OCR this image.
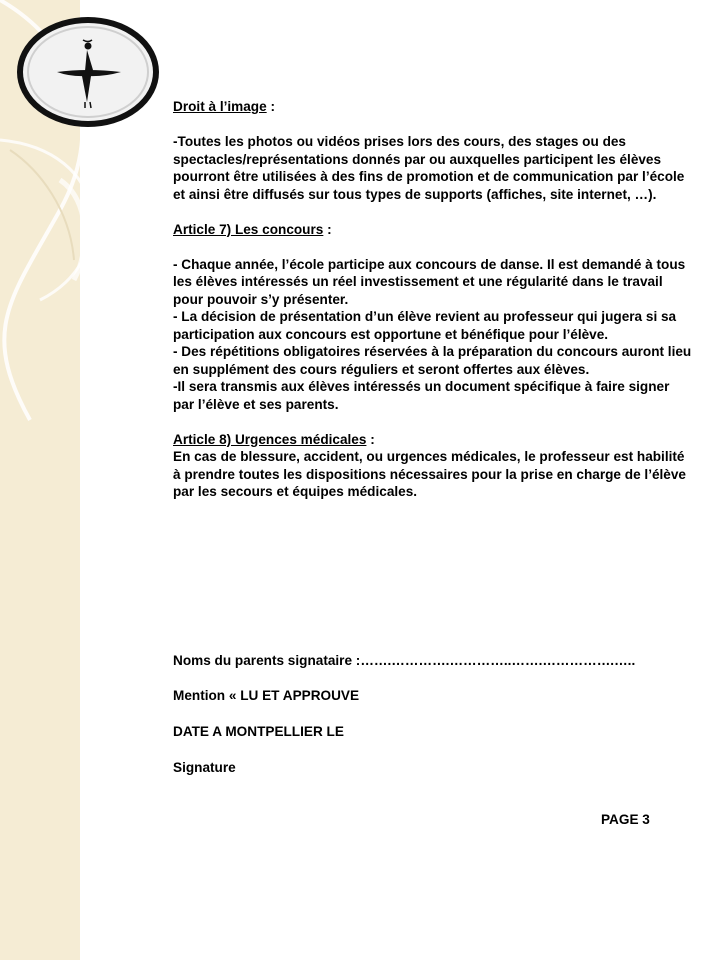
Droit à l’image :

-Toutes les photos ou vidéos prises lors des cours, des stages ou des spectacles/représentations donnés par ou auxquelles participent les élèves pourront être utilisées à des fins de promotion et de communication par l’école et ainsi être diffusés sur tous types de supports (affiches, site internet, …).

Article 7) Les concours :

- Chaque année, l’école participe aux concours de danse. Il est demandé à tous les élèves intéressés un réel investissement et une régularité dans le travail pour pouvoir s’y présenter.

- La décision de présentation d’un élève revient au professeur qui jugera si sa participation aux concours est opportune et bénéfique pour l’élève.

- Des répétitions obligatoires réservées à la préparation du concours auront lieu en supplément des cours réguliers et seront offertes aux élèves.

-Il sera transmis aux élèves intéressés un document spécifique à faire signer par l’élève et ses parents.

Article 8) Urgences médicales :

En cas de blessure, accident, ou urgences médicales, le professeur est habilité à prendre toutes les dispositions nécessaires pour la prise en charge de l’élève par les secours et équipes médicales.

Noms du parents signataire :…….………….…………..…….…………….…..
Mention « LU ET APPROUVE
DATE A MONTPELLIER LE
Signature
PAGE 3
